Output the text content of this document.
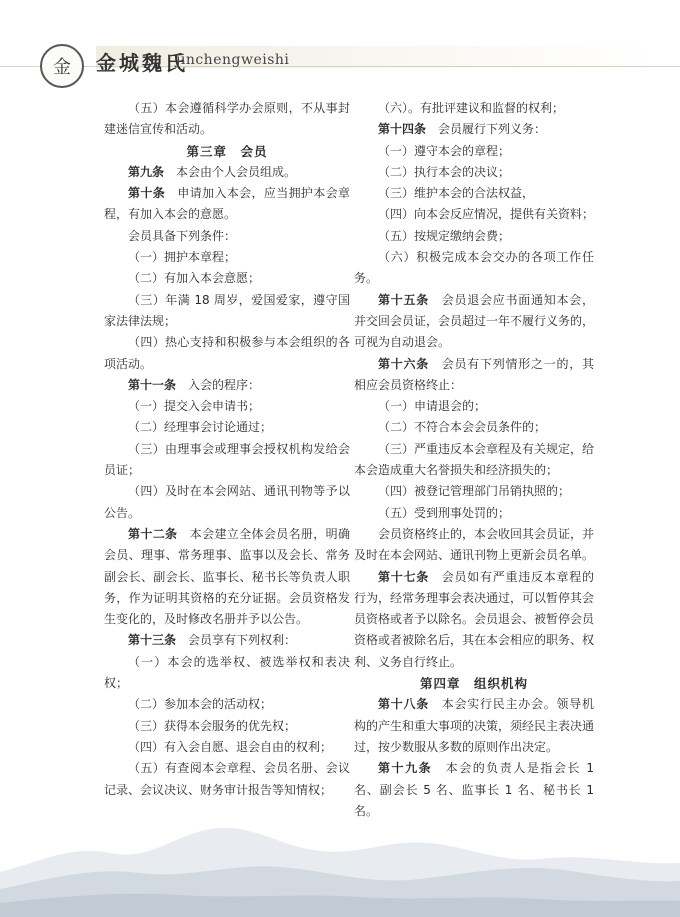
金 金城魏氏
jinchengweishi

（五）本会遵循科学办会原则，不从事封建迷信宣传和活动。

第三章　会员

第九条　本会由个人会员组成。

第十条　申请加入本会，应当拥护本会章程，有加入本会的意愿。

会员具备下列条件：

（一）拥护本章程；

（二）有加入本会意愿；

（三）年满 18 周岁，爱国爱家，遵守国家法律法规；

（四）热心支持和积极参与本会组织的各项活动。

第十一条　入会的程序：

（一）提交入会申请书；

（二）经理事会讨论通过；

（三）由理事会或理事会授权机构发给会员证；

（四）及时在本会网站、通讯刊物等予以公告。

第十二条　本会建立全体会员名册，明确会员、理事、常务理事、监事以及会长、常务副会长、副会长、监事长、秘书长等负责人职务，作为证明其资格的充分证据。会员资格发生变化的，及时修改名册并予以公告。

第十三条　会员享有下列权利：

（一）本会的选举权、被选举权和表决权；

（二）参加本会的活动权；

（三）获得本会服务的优先权；

（四）有入会自愿、退会自由的权利；

（五）有查阅本会章程、会员名册、会议记录、会议决议、财务审计报告等知情权；

（六）。有批评建议和监督的权利；

第十四条　会员履行下列义务：

（一）遵守本会的章程；

（二）执行本会的决议；

（三）维护本会的合法权益，

（四）向本会反应情况，提供有关资料；

（五）按规定缴纳会费；

（六）积极完成本会交办的各项工作任务。

第十五条　会员退会应书面通知本会，并交回会员证，会员超过一年不履行义务的，可视为自动退会。

第十六条　会员有下列情形之一的，其相应会员资格终止：

（一）申请退会的；

（二）不符合本会会员条件的；

（三）严重违反本会章程及有关规定，给本会造成重大名誉损失和经济损失的；

（四）被登记管理部门吊销执照的；

（五）受到刑事处罚的；

会员资格终止的，本会收回其会员证，并及时在本会网站、通讯刊物上更新会员名单。

第十七条　会员如有严重违反本章程的行为，经常务理事会表决通过，可以暂停其会员资格或者予以除名。会员退会、被暂停会员资格或者被除名后，其在本会相应的职务、权利、义务自行终止。

第四章　组织机构

第十八条　本会实行民主办会。领导机构的产生和重大事项的决策，须经民主表决通过，按少数服从多数的原则作出决定。

第十九条　本会的负责人是指会长 1 名、副会长 5 名、监事长 1 名、秘书长 1 名。
